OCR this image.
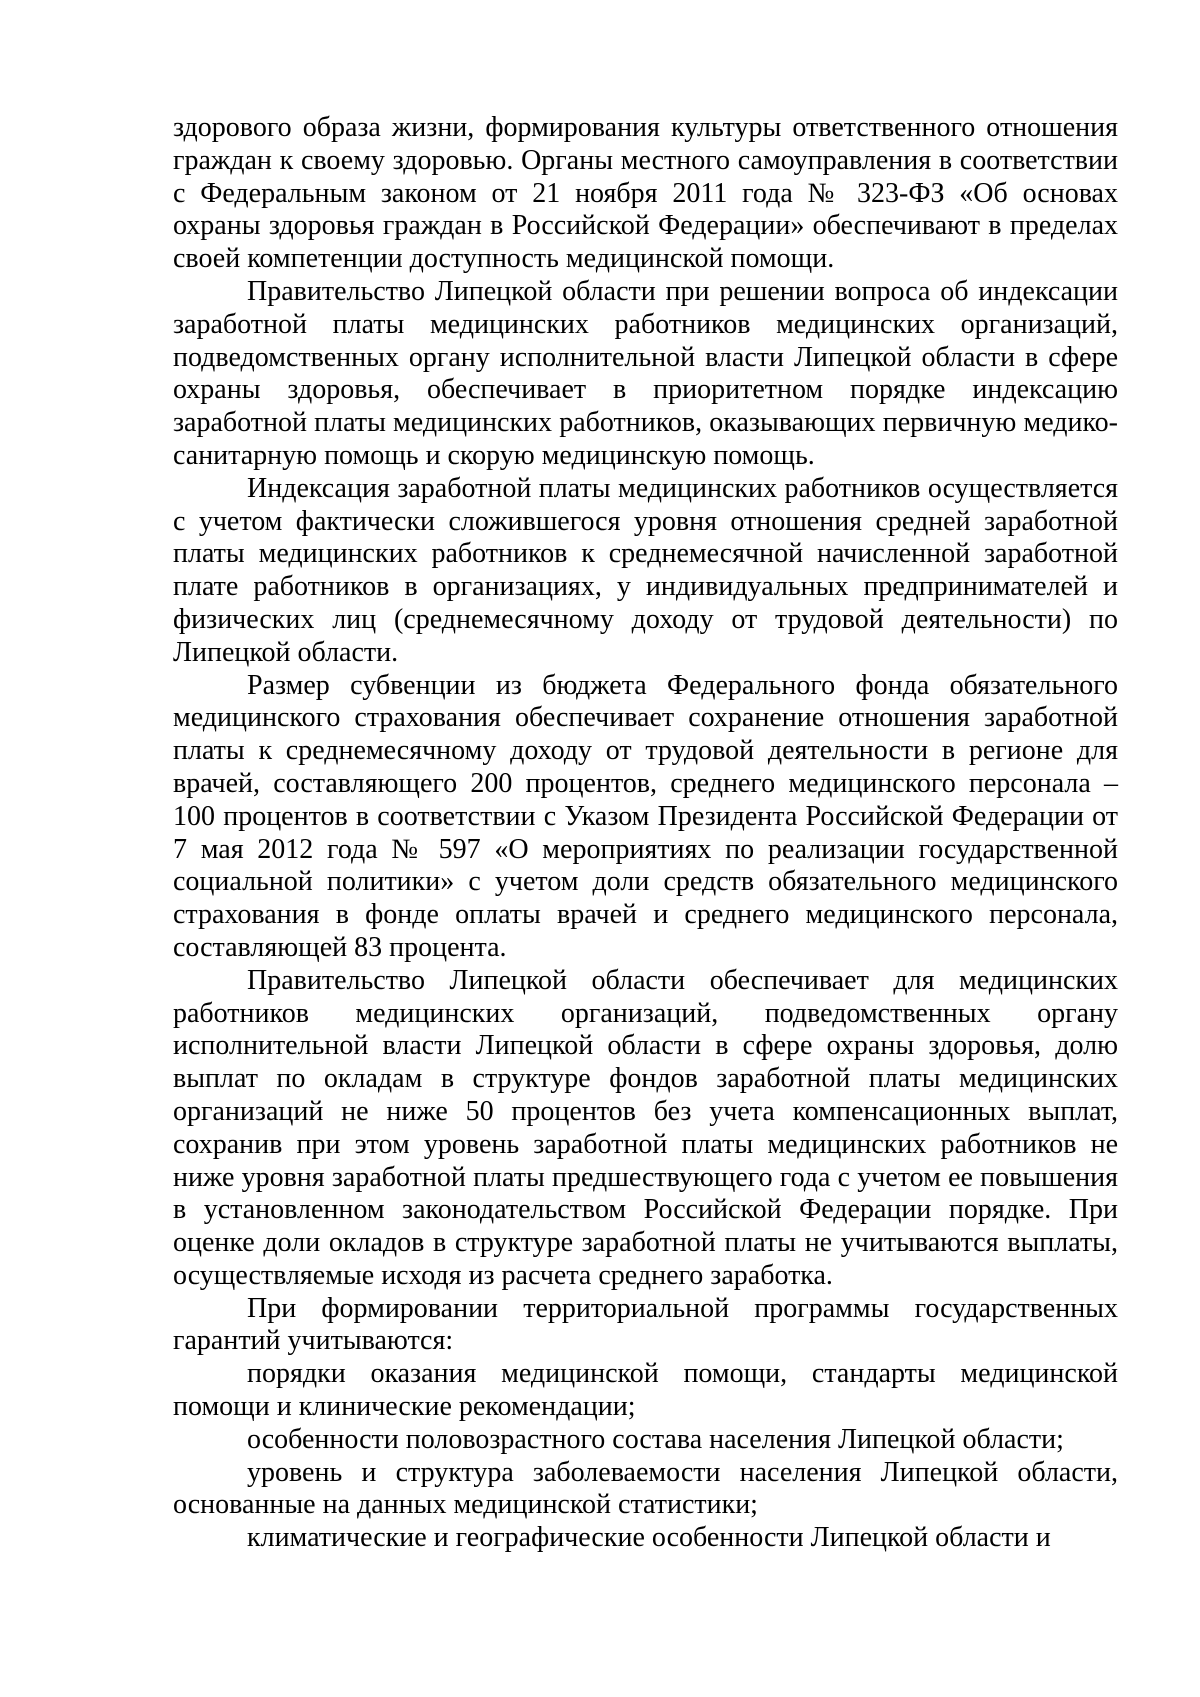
здорового образа жизни, формирования культуры ответственного отношения граждан к своему здоровью. Органы местного самоуправления в соответствии с Федеральным законом от 21 ноября 2011 года № 323-ФЗ «Об основах охраны здоровья граждан в Российской Федерации» обеспечивают в пределах своей компетенции доступность медицинской помощи.

Правительство Липецкой области при решении вопроса об индексации заработной платы медицинских работников медицинских организаций, подведомственных органу исполнительной власти Липецкой области в сфере охраны здоровья, обеспечивает в приоритетном порядке индексацию заработной платы медицинских работников, оказывающих первичную медико-санитарную помощь и скорую медицинскую помощь.

Индексация заработной платы медицинских работников осуществляется с учетом фактически сложившегося уровня отношения средней заработной платы медицинских работников к среднемесячной начисленной заработной плате работников в организациях, у индивидуальных предпринимателей и физических лиц (среднемесячному доходу от трудовой деятельности) по Липецкой области.

Размер субвенции из бюджета Федерального фонда обязательного медицинского страхования обеспечивает сохранение отношения заработной платы к среднемесячному доходу от трудовой деятельности в регионе для врачей, составляющего 200 процентов, среднего медицинского персонала – 100 процентов в соответствии с Указом Президента Российской Федерации от 7 мая 2012 года № 597 «О мероприятиях по реализации государственной социальной политики» с учетом доли средств обязательного медицинского страхования в фонде оплаты врачей и среднего медицинского персонала, составляющей 83 процента.

Правительство Липецкой области обеспечивает для медицинских работников медицинских организаций, подведомственных органу исполнительной власти Липецкой области в сфере охраны здоровья, долю выплат по окладам в структуре фондов заработной платы медицинских организаций не ниже 50 процентов без учета компенсационных выплат, сохранив при этом уровень заработной платы медицинских работников не ниже уровня заработной платы предшествующего года с учетом ее повышения в установленном законодательством Российской Федерации порядке. При оценке доли окладов в структуре заработной платы не учитываются выплаты, осуществляемые исходя из расчета среднего заработка.

При формировании территориальной программы государственных гарантий учитываются:

порядки оказания медицинской помощи, стандарты медицинской помощи и клинические рекомендации;

особенности половозрастного состава населения Липецкой области;

уровень и структура заболеваемости населения Липецкой области, основанные на данных медицинской статистики;

климатические и географические особенности Липецкой области и
